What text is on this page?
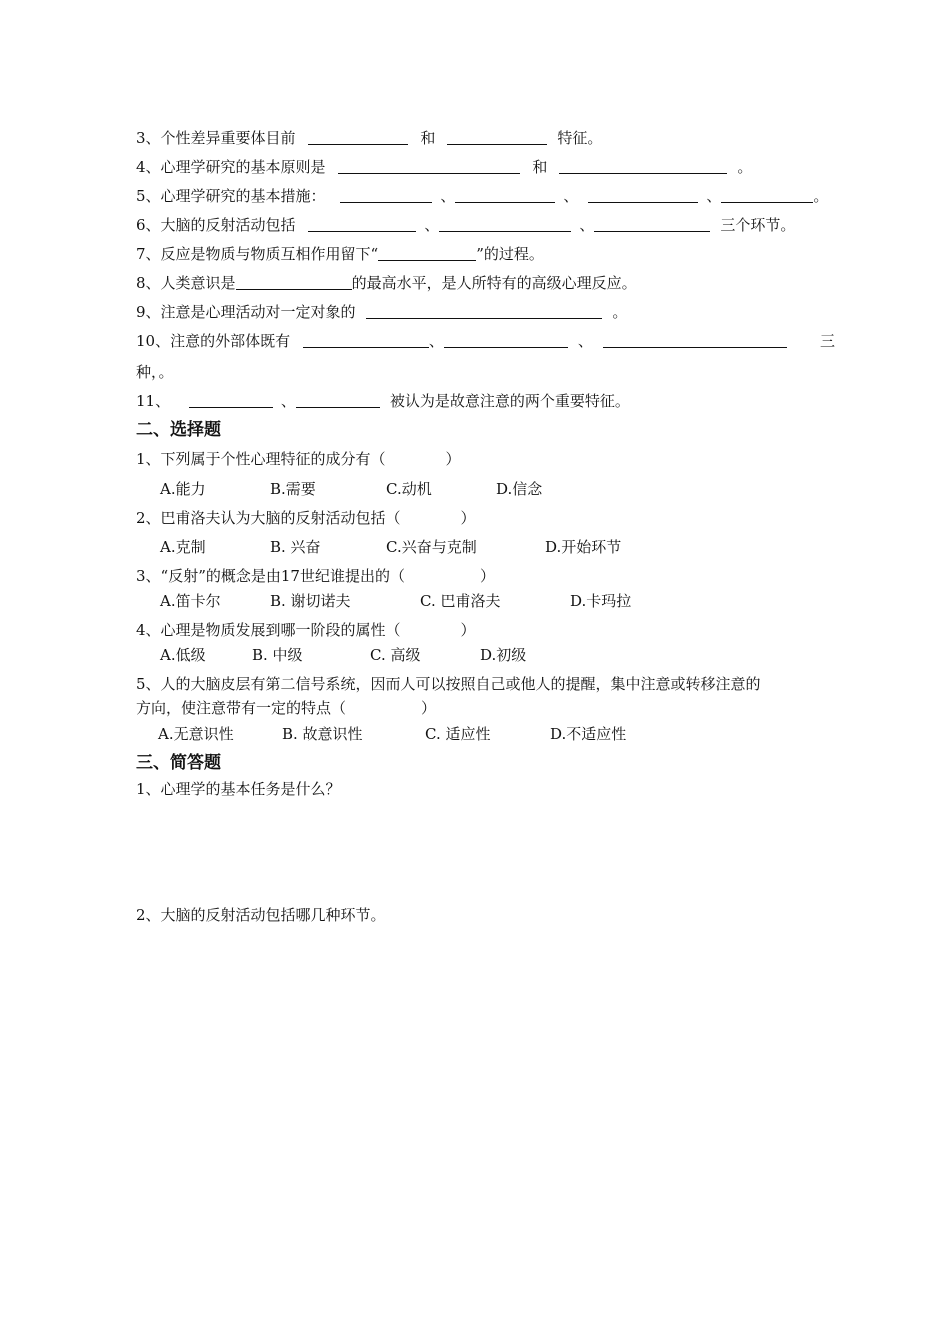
3、个性差异重要体目前	和	特征。
4、心理学研究的基本原则是	和	。
5、心理学研究的基本措施：	、	、	、	。
6、大脑的反射活动包括	、	、	三个环节。
7、反应是物质与物质互相作用留下“	”的过程。
8、人类意识是	的最高水平，是人所特有的高级心理反应。
9、注意是心理活动对一定对象的	。
10、注意的外部体既有	、	、	三
种，。
11、	、	被认为是故意注意的两个重要特征。
二、选择题
1、下列属于个性心理特征的成分有（　　　　）
A.能力	B.需要	C.动机	D.信念
2、巴甫洛夫认为大脑的反射活动包括（　　　　）
A.克制	B. 兴奋	C.兴奋与克制	D.开始环节
3、“反射”的概念是由17世纪谁提出的（　　　　　）
A.笛卡尔	B. 谢切诺夫	C. 巴甫洛夫	D.卡玛拉
4、心理是物质发展到哪一阶段的属性（　　　　）
A.低级	B. 中级	C. 高级	D.初级
5、人的大脑皮层有第二信号系统，因而人可以按照自己或他人的提醒，集中注意或转移注意的
方向，使注意带有一定的特点（　　　　　）
A.无意识性	B. 故意识性	C. 适应性	D.不适应性
三、简答题
1、心理学的基本任务是什么？
2、大脑的反射活动包括哪几种环节。
